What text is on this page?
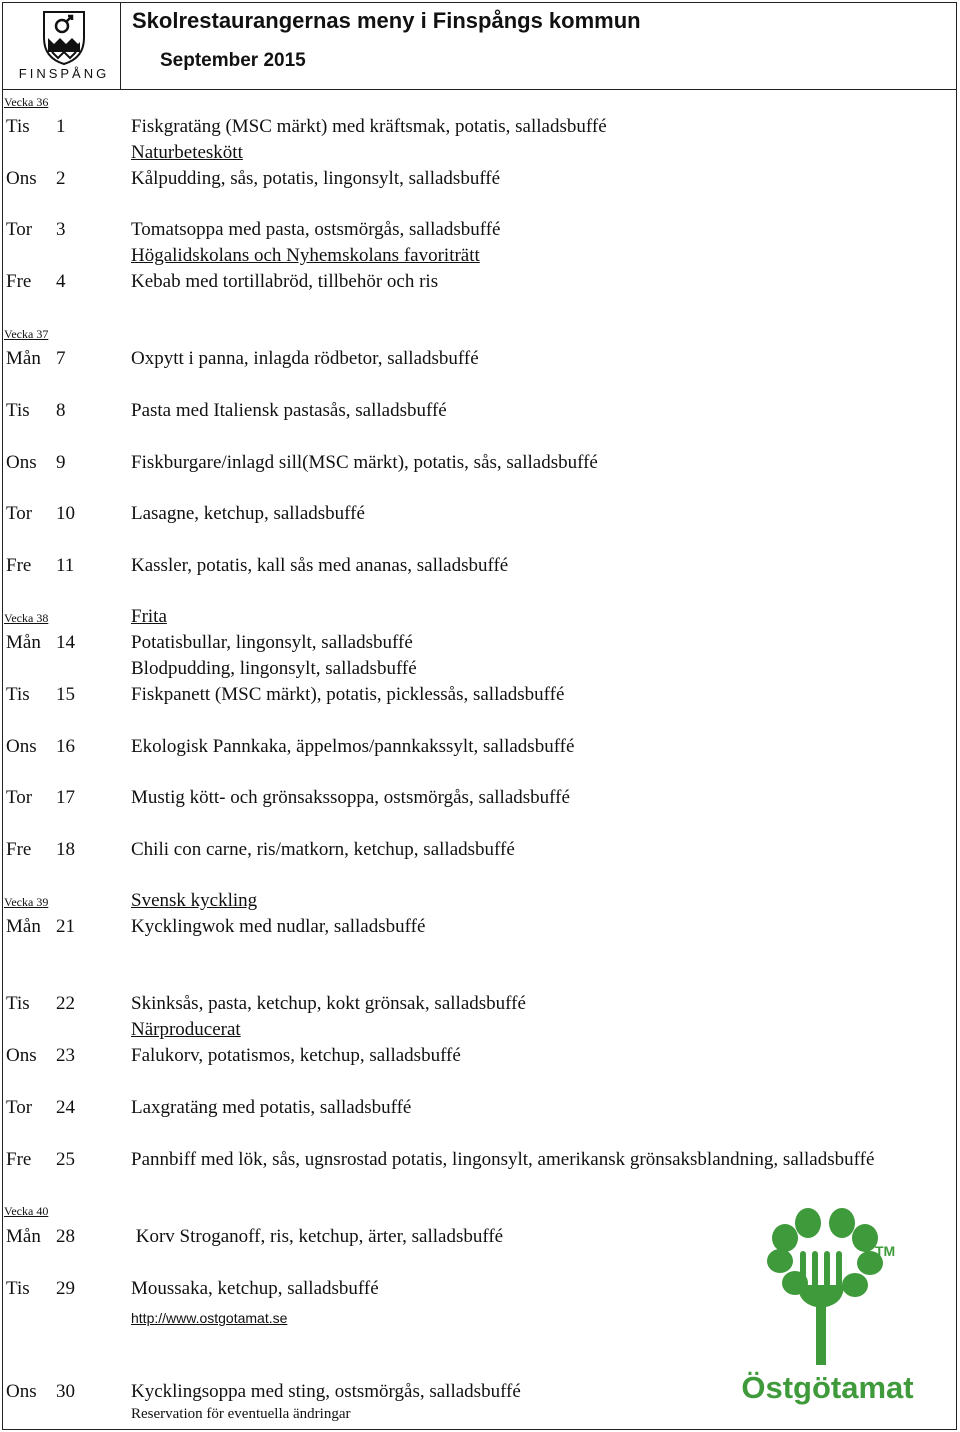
FINSPÅNG
Skolrestaurangernas meny i Finspångs kommun
September 2015
Vecka 36
Vecka 37
Vecka 38
Vecka 39
Vecka 40
Tis 1	Fiskgratäng (MSC märkt) med kräftsmak, potatis, salladsbuffé
Naturbeteskött
Ons 2	Kålpudding, sås, potatis, lingonsylt, salladsbuffé
Tor 3	Tomatsoppa med pasta, ostsmörgås, salladsbuffé
Högalidskolans och Nyhemskolans favoriträtt
Fre 4	Kebab med tortillabröd, tillbehör och ris
Mån 7	Oxpytt i panna, inlagda rödbetor, salladsbuffé
Tis 8	Pasta med Italiensk pastasås, salladsbuffé
Ons 9	Fiskburgare/inlagd sill(MSC märkt), potatis, sås, salladsbuffé
Tor 10	Lasagne, ketchup, salladsbuffé
Fre 11	Kassler, potatis, kall sås med ananas, salladsbuffé
Frita
Mån 14	Potatisbullar, lingonsylt, salladsbuffé
Blodpudding, lingonsylt, salladsbuffé
Tis 15	Fiskpanett (MSC märkt), potatis, picklessås, salladsbuffé
Ons 16	Ekologisk Pannkaka, äppelmos/pannkakssylt, salladsbuffé
Tor 17	Mustig kött- och grönsakssoppa, ostsmörgås, salladsbuffé
Fre 18	Chili con carne, ris/matkorn, ketchup, salladsbuffé
Svensk kyckling
Mån 21	Kycklingwok med nudlar, salladsbuffé
Tis 22	Skinksås, pasta, ketchup, kokt grönsak, salladsbuffé
Närproducerat
Ons 23	Falukorv, potatismos, ketchup, salladsbuffé
Tor 24	Laxgratäng med potatis, salladsbuffé
Fre 25	Pannbiff med lök, sås, ugnsrostad potatis, lingonsylt, amerikansk grönsaksblandning, salladsbuffé
Mån 28	Korv Stroganoff, ris, ketchup, ärter, salladsbuffé
Tis 29	Moussaka, ketchup, salladsbuffé
http://www.ostgotamat.se
Ons 30	Kycklingsoppa med sting, ostsmörgås, salladsbuffé
Reservation för eventuella ändringar
TM
Östgötamat
